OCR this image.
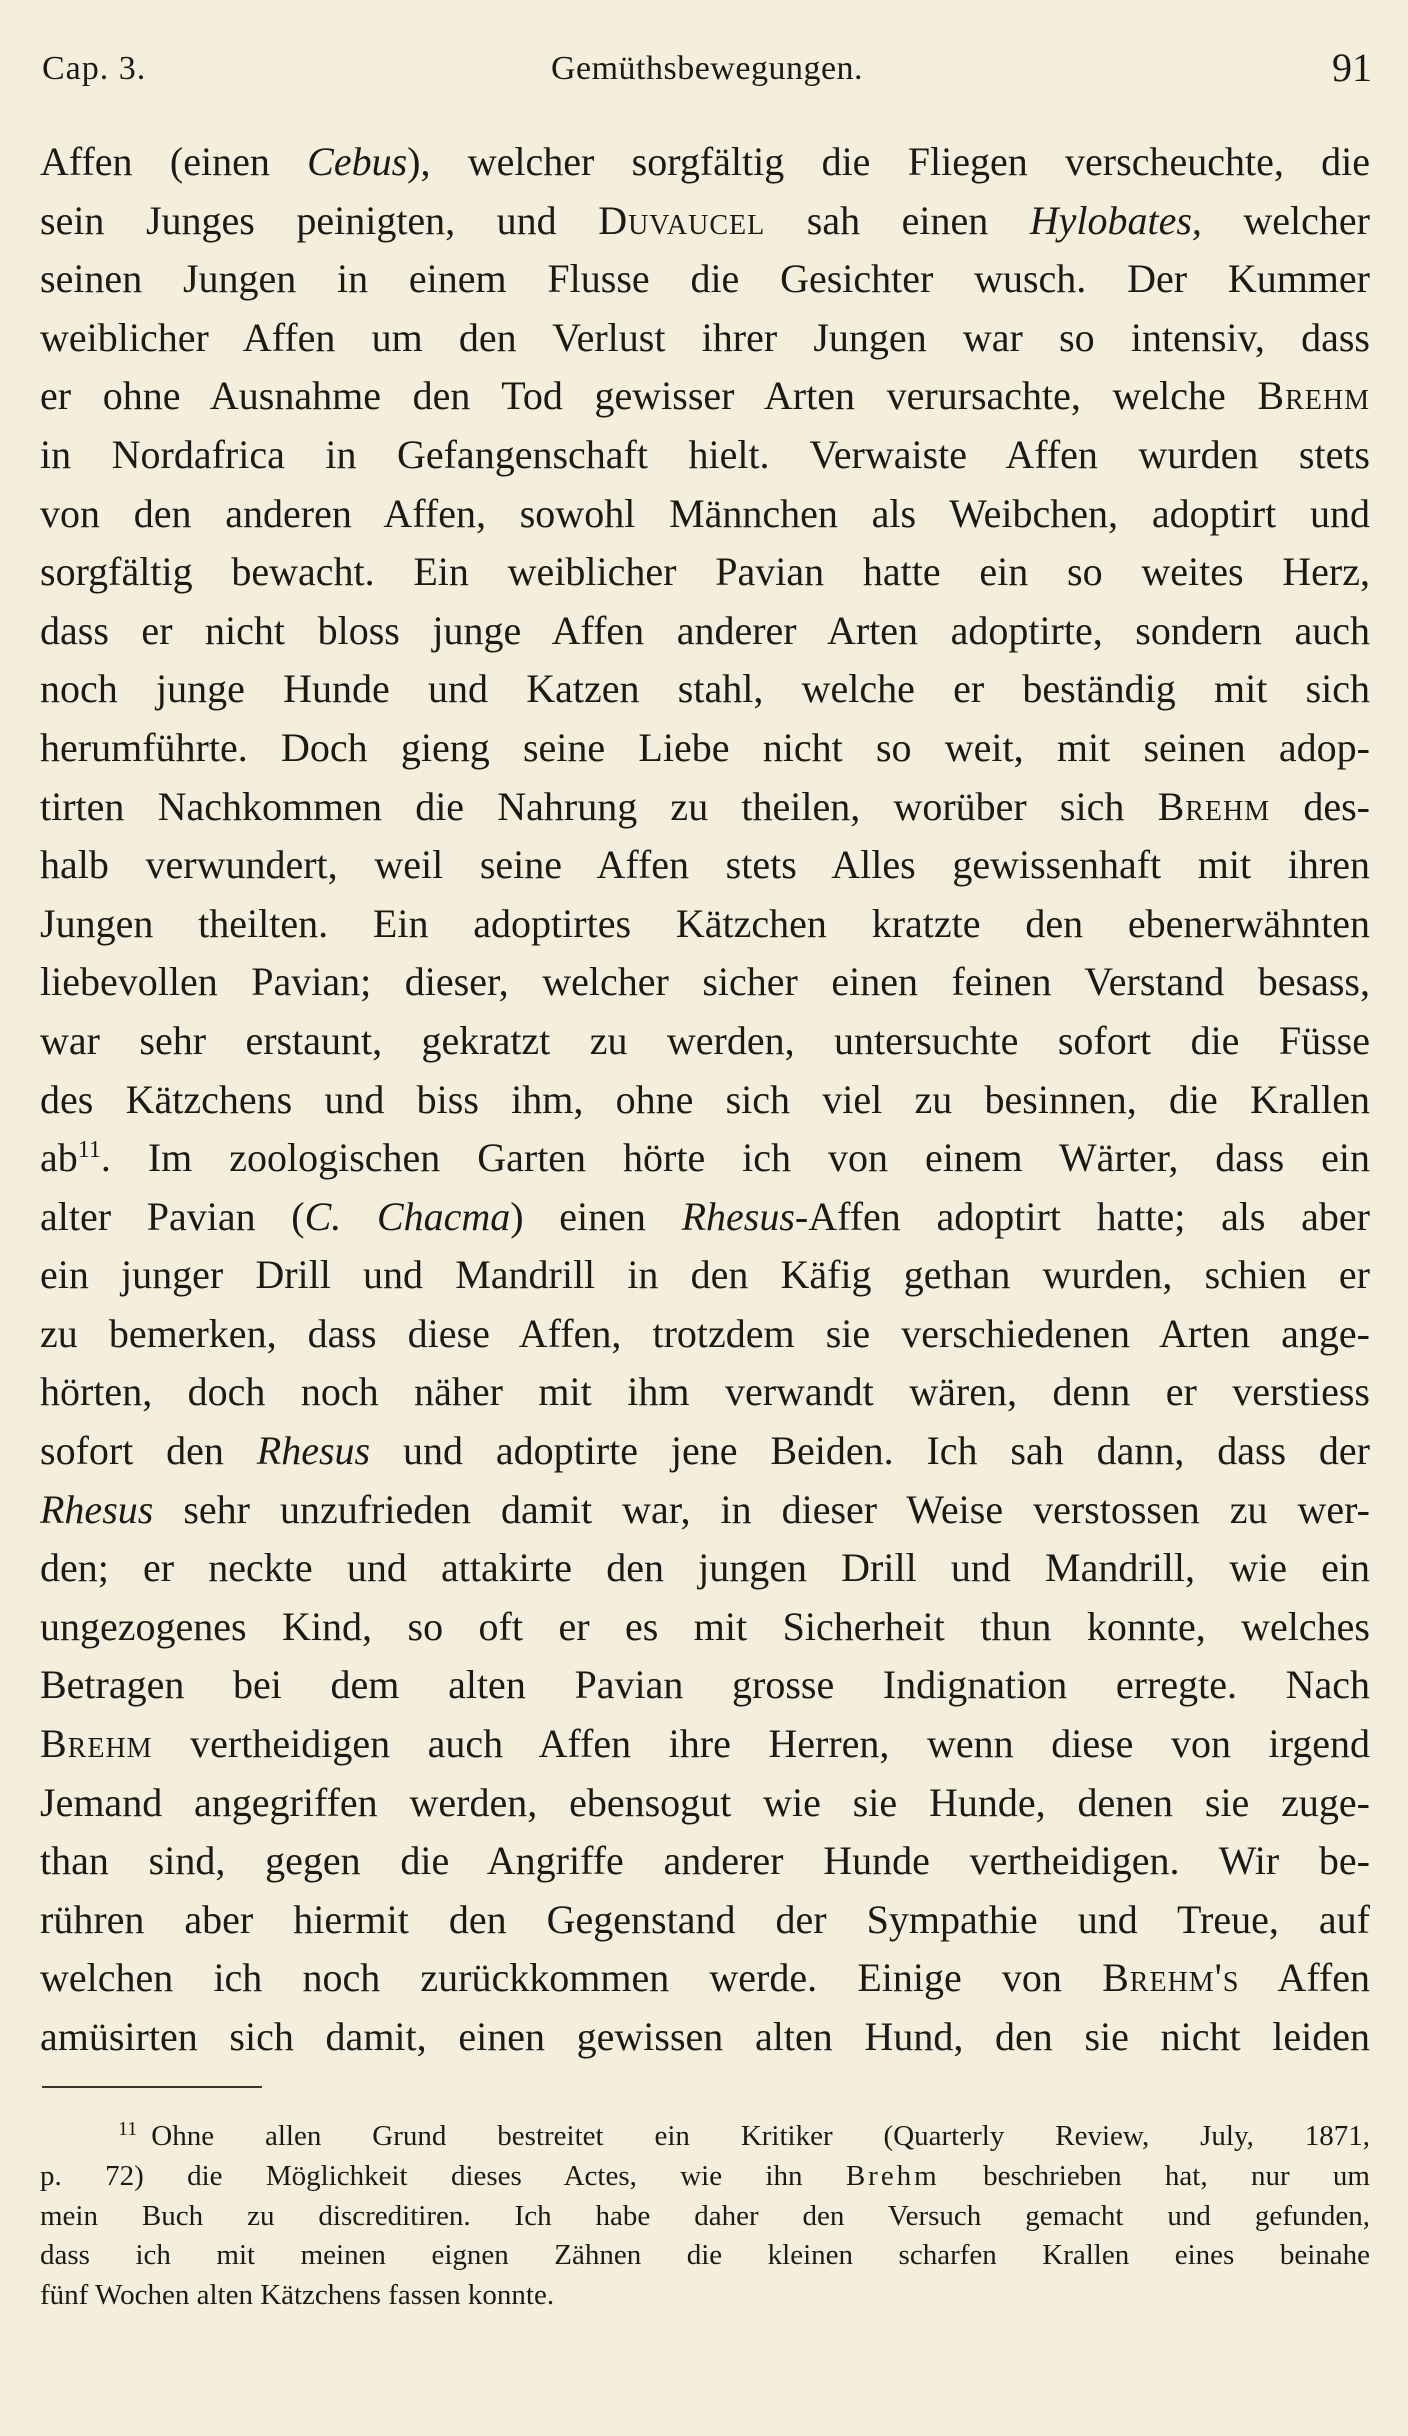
Cap. 3.	Gemüthsbewegungen.	91
Affen (einen Cebus), welcher sorgfältig die Fliegen verscheuchte, die
sein Junges peinigten, und Duvaucel sah einen Hylobates, welcher
seinen Jungen in einem Flusse die Gesichter wusch. Der Kummer
weiblicher Affen um den Verlust ihrer Jungen war so intensiv, dass
er ohne Ausnahme den Tod gewisser Arten verursachte, welche Brehm
in Nordafrica in Gefangenschaft hielt. Verwaiste Affen wurden stets
von den anderen Affen, sowohl Männchen als Weibchen, adoptirt und
sorgfältig bewacht. Ein weiblicher Pavian hatte ein so weites Herz,
dass er nicht bloss junge Affen anderer Arten adoptirte, sondern auch
noch junge Hunde und Katzen stahl, welche er beständig mit sich
herumführte. Doch gieng seine Liebe nicht so weit, mit seinen adop-
tirten Nachkommen die Nahrung zu theilen, worüber sich Brehm des-
halb verwundert, weil seine Affen stets Alles gewissenhaft mit ihren
Jungen theilten. Ein adoptirtes Kätzchen kratzte den ebenerwähnten
liebevollen Pavian; dieser, welcher sicher einen feinen Verstand besass,
war sehr erstaunt, gekratzt zu werden, untersuchte sofort die Füsse
des Kätzchens und biss ihm, ohne sich viel zu besinnen, die Krallen
$ab^{11}$. Im zoologischen Garten hörte ich von einem Wärter, dass ein
alter Pavian (C. Chacma) einen Rhesus-Affen adoptirt hatte; als aber
ein junger Drill und Mandrill in den Käfig gethan wurden, schien er
zu bemerken, dass diese Affen, trotzdem sie verschiedenen Arten ange-
hörten, doch noch näher mit ihm verwandt wären, denn er verstiess
sofort den Rhesus und adoptirte jene Beiden. Ich sah dann, dass der
Rhesus sehr unzufrieden damit war, in dieser Weise verstossen zu wer-
den; er neckte und attakirte den jungen Drill und Mandrill, wie ein
ungezogenes Kind, so oft er es mit Sicherheit thun konnte, welches
Betragen bei dem alten Pavian grosse Indignation erregte. Nach
Brehm vertheidigen auch Affen ihre Herren, wenn diese von irgend
Jemand angegriffen werden, ebensogut wie sie Hunde, denen sie zuge-
than sind, gegen die Angriffe anderer Hunde vertheidigen. Wir be-
rühren aber hiermit den Gegenstand der Sympathie und Treue, auf
welchen ich noch zurückkommen werde. Einige von Brehm's Affen
amüsirten sich damit, einen gewissen alten Hund, den sie nicht leiden
$^{11}$ Ohne allen Grund bestreitet ein Kritiker (Quarterly Review, July, 1871,
p. 72) die Möglichkeit dieses Actes, wie ihn Brehm beschrieben hat, nur um
mein Buch zu discreditiren. Ich habe daher den Versuch gemacht und gefunden,
dass ich mit meinen eignen Zähnen die kleinen scharfen Krallen eines beinahe
fünf Wochen alten Kätzchens fassen konnte.
